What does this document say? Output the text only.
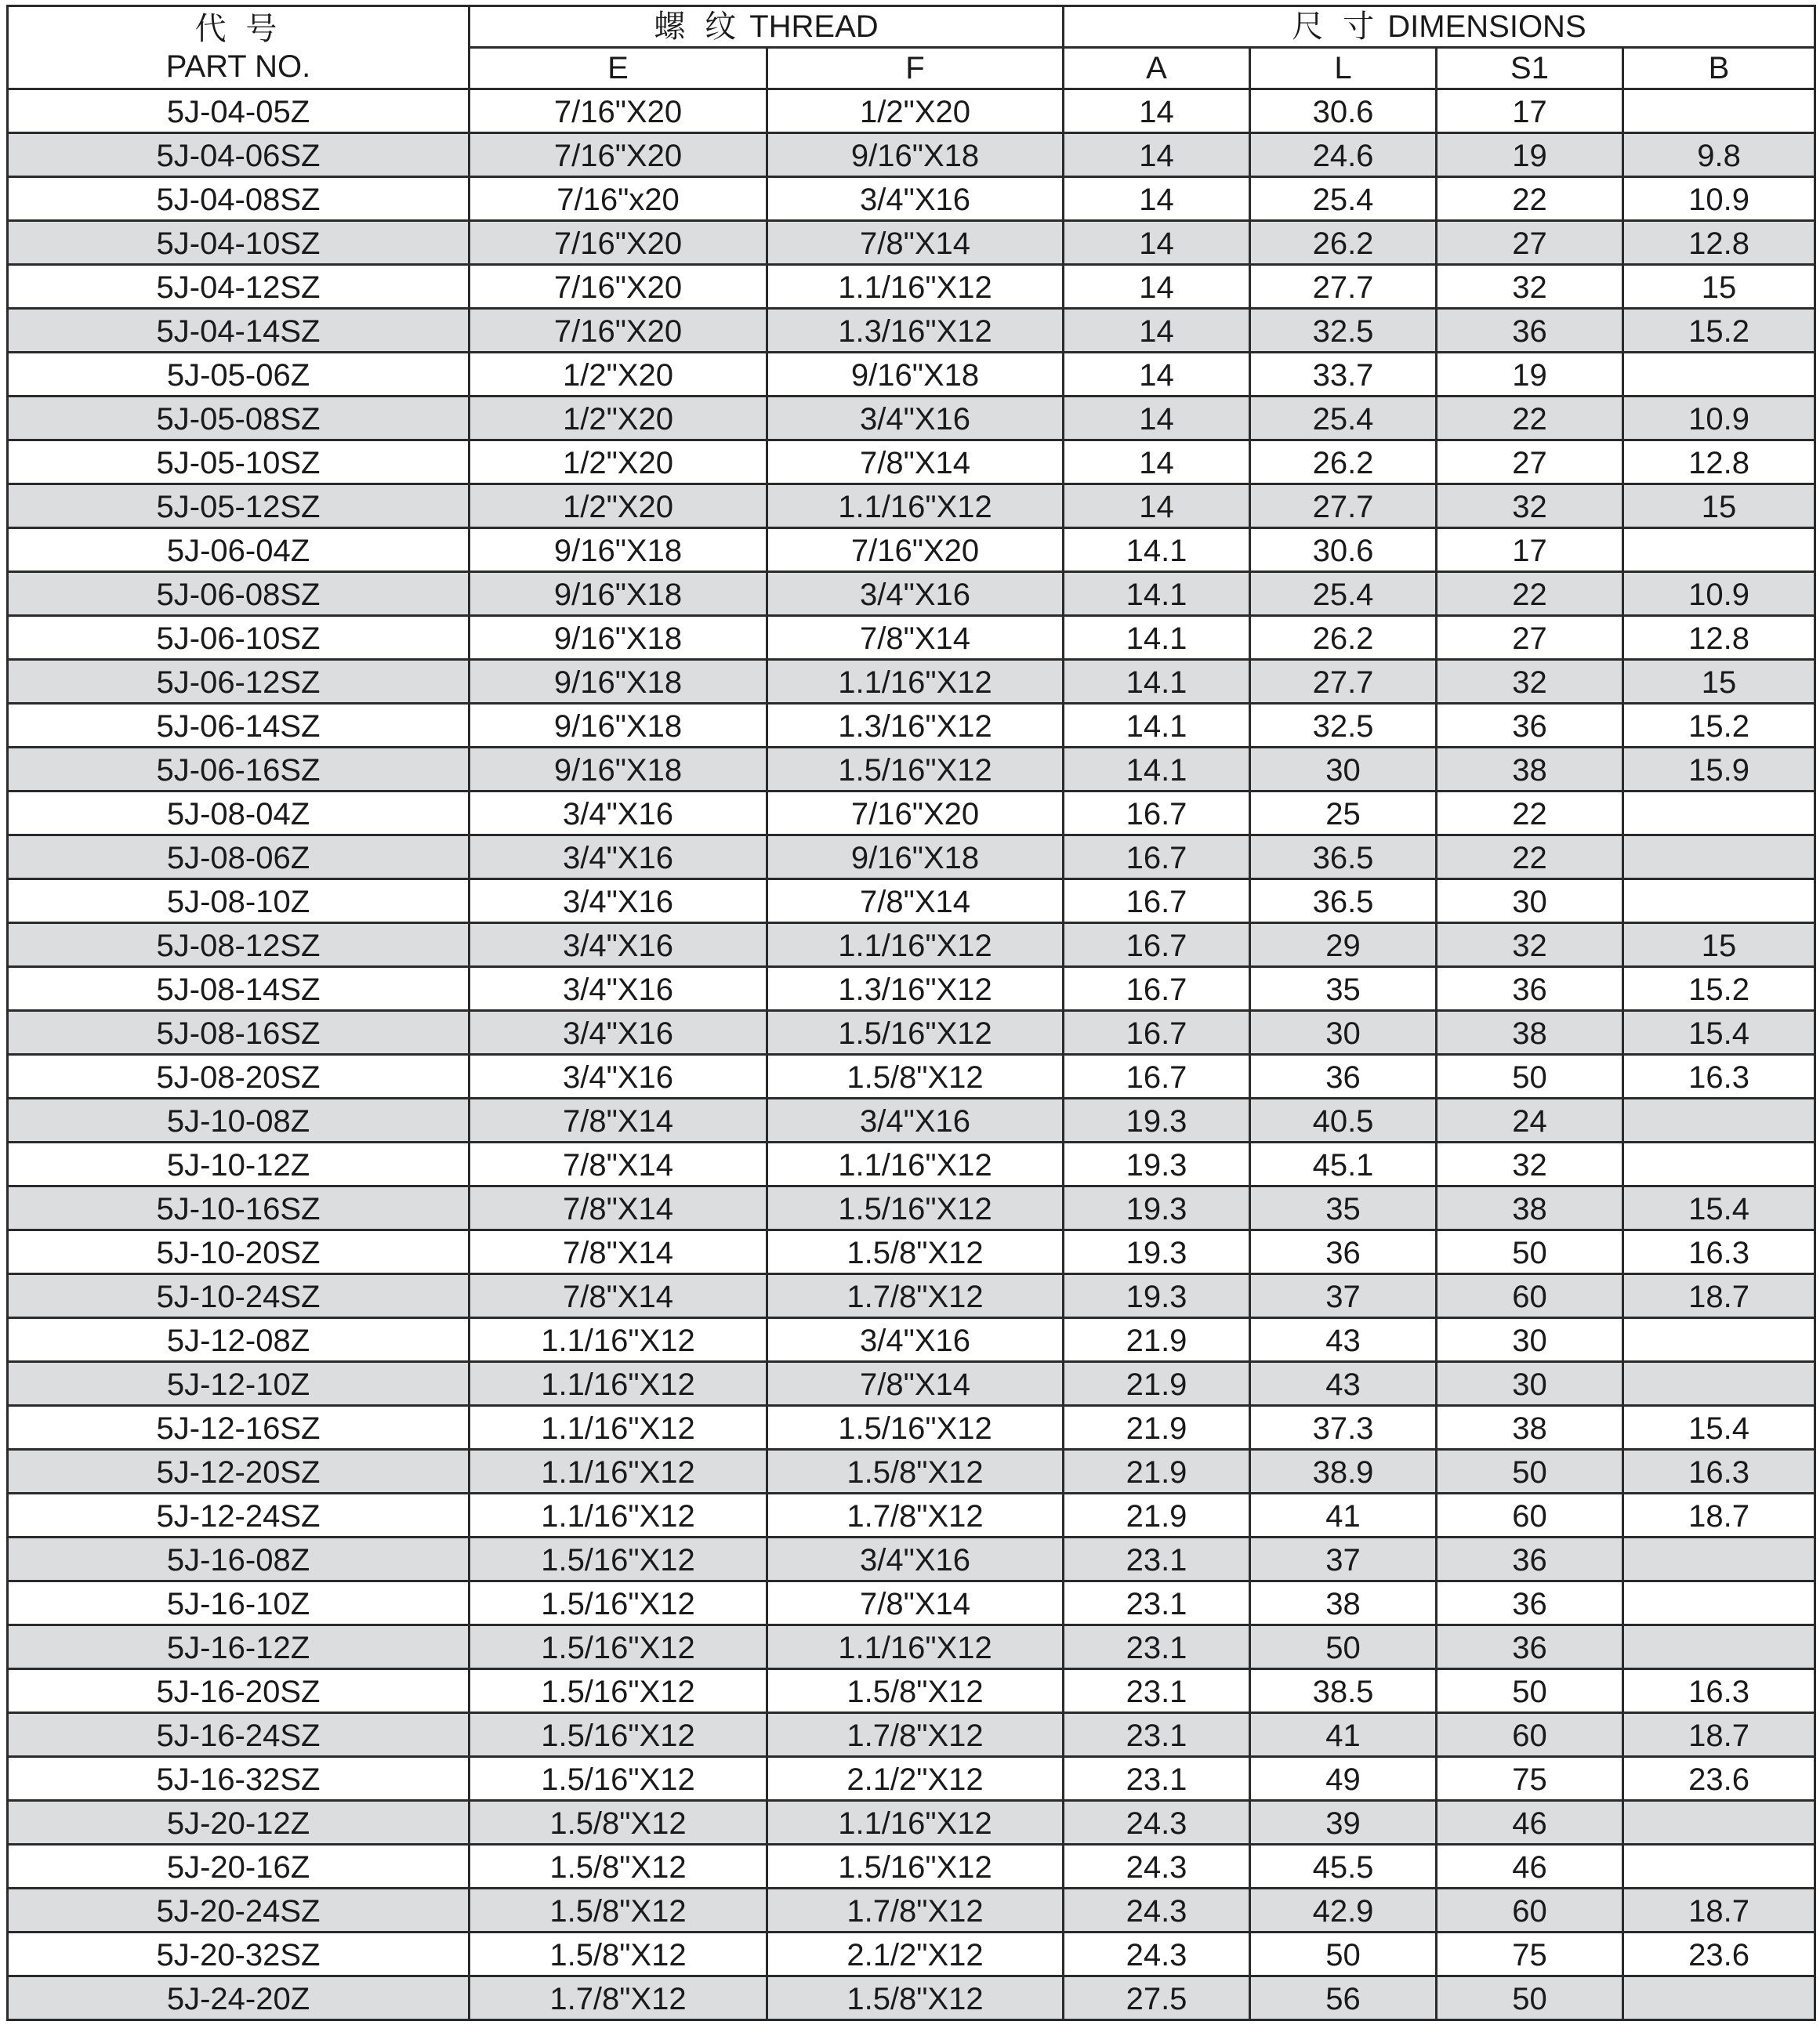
代 号
PART NO.	螺 纹 THREAD		尺 寸 DIMENSIONS			
	E	F	A	L	S1	B
5J-04-05Z	7/16"X20	1/2"X20	14	30.6	17	
5J-04-06SZ	7/16"X20	9/16"X18	14	24.6	19	9.8
5J-04-08SZ	7/16"x20	3/4"X16	14	25.4	22	10.9
5J-04-10SZ	7/16"X20	7/8"X14	14	26.2	27	12.8
5J-04-12SZ	7/16"X20	1.1/16"X12	14	27.7	32	15
5J-04-14SZ	7/16"X20	1.3/16"X12	14	32.5	36	15.2
5J-05-06Z	1/2"X20	9/16"X18	14	33.7	19	
5J-05-08SZ	1/2"X20	3/4"X16	14	25.4	22	10.9
5J-05-10SZ	1/2"X20	7/8"X14	14	26.2	27	12.8
5J-05-12SZ	1/2"X20	1.1/16"X12	14	27.7	32	15
5J-06-04Z	9/16"X18	7/16"X20	14.1	30.6	17	
5J-06-08SZ	9/16"X18	3/4"X16	14.1	25.4	22	10.9
5J-06-10SZ	9/16"X18	7/8"X14	14.1	26.2	27	12.8
5J-06-12SZ	9/16"X18	1.1/16"X12	14.1	27.7	32	15
5J-06-14SZ	9/16"X18	1.3/16"X12	14.1	32.5	36	15.2
5J-06-16SZ	9/16"X18	1.5/16"X12	14.1	30	38	15.9
5J-08-04Z	3/4"X16	7/16"X20	16.7	25	22	
5J-08-06Z	3/4"X16	9/16"X18	16.7	36.5	22	
5J-08-10Z	3/4"X16	7/8"X14	16.7	36.5	30	
5J-08-12SZ	3/4"X16	1.1/16"X12	16.7	29	32	15
5J-08-14SZ	3/4"X16	1.3/16"X12	16.7	35	36	15.2
5J-08-16SZ	3/4"X16	1.5/16"X12	16.7	30	38	15.4
5J-08-20SZ	3/4"X16	1.5/8"X12	16.7	36	50	16.3
5J-10-08Z	7/8"X14	3/4"X16	19.3	40.5	24	
5J-10-12Z	7/8"X14	1.1/16"X12	19.3	45.1	32	
5J-10-16SZ	7/8"X14	1.5/16"X12	19.3	35	38	15.4
5J-10-20SZ	7/8"X14	1.5/8"X12	19.3	36	50	16.3
5J-10-24SZ	7/8"X14	1.7/8"X12	19.3	37	60	18.7
5J-12-08Z	1.1/16"X12	3/4"X16	21.9	43	30	
5J-12-10Z	1.1/16"X12	7/8"X14	21.9	43	30	
5J-12-16SZ	1.1/16"X12	1.5/16"X12	21.9	37.3	38	15.4
5J-12-20SZ	1.1/16"X12	1.5/8"X12	21.9	38.9	50	16.3
5J-12-24SZ	1.1/16"X12	1.7/8"X12	21.9	41	60	18.7
5J-16-08Z	1.5/16"X12	3/4"X16	23.1	37	36	
5J-16-10Z	1.5/16"X12	7/8"X14	23.1	38	36	
5J-16-12Z	1.5/16"X12	1.1/16"X12	23.1	50	36	
5J-16-20SZ	1.5/16"X12	1.5/8"X12	23.1	38.5	50	16.3
5J-16-24SZ	1.5/16"X12	1.7/8"X12	23.1	41	60	18.7
5J-16-32SZ	1.5/16"X12	2.1/2"X12	23.1	49	75	23.6
5J-20-12Z	1.5/8"X12	1.1/16"X12	24.3	39	46	
5J-20-16Z	1.5/8"X12	1.5/16"X12	24.3	45.5	46	
5J-20-24SZ	1.5/8"X12	1.7/8"X12	24.3	42.9	60	18.7
5J-20-32SZ	1.5/8"X12	2.1/2"X12	24.3	50	75	23.6
5J-24-20Z	1.7/8"X12	1.5/8"X12	27.5	56	50	
